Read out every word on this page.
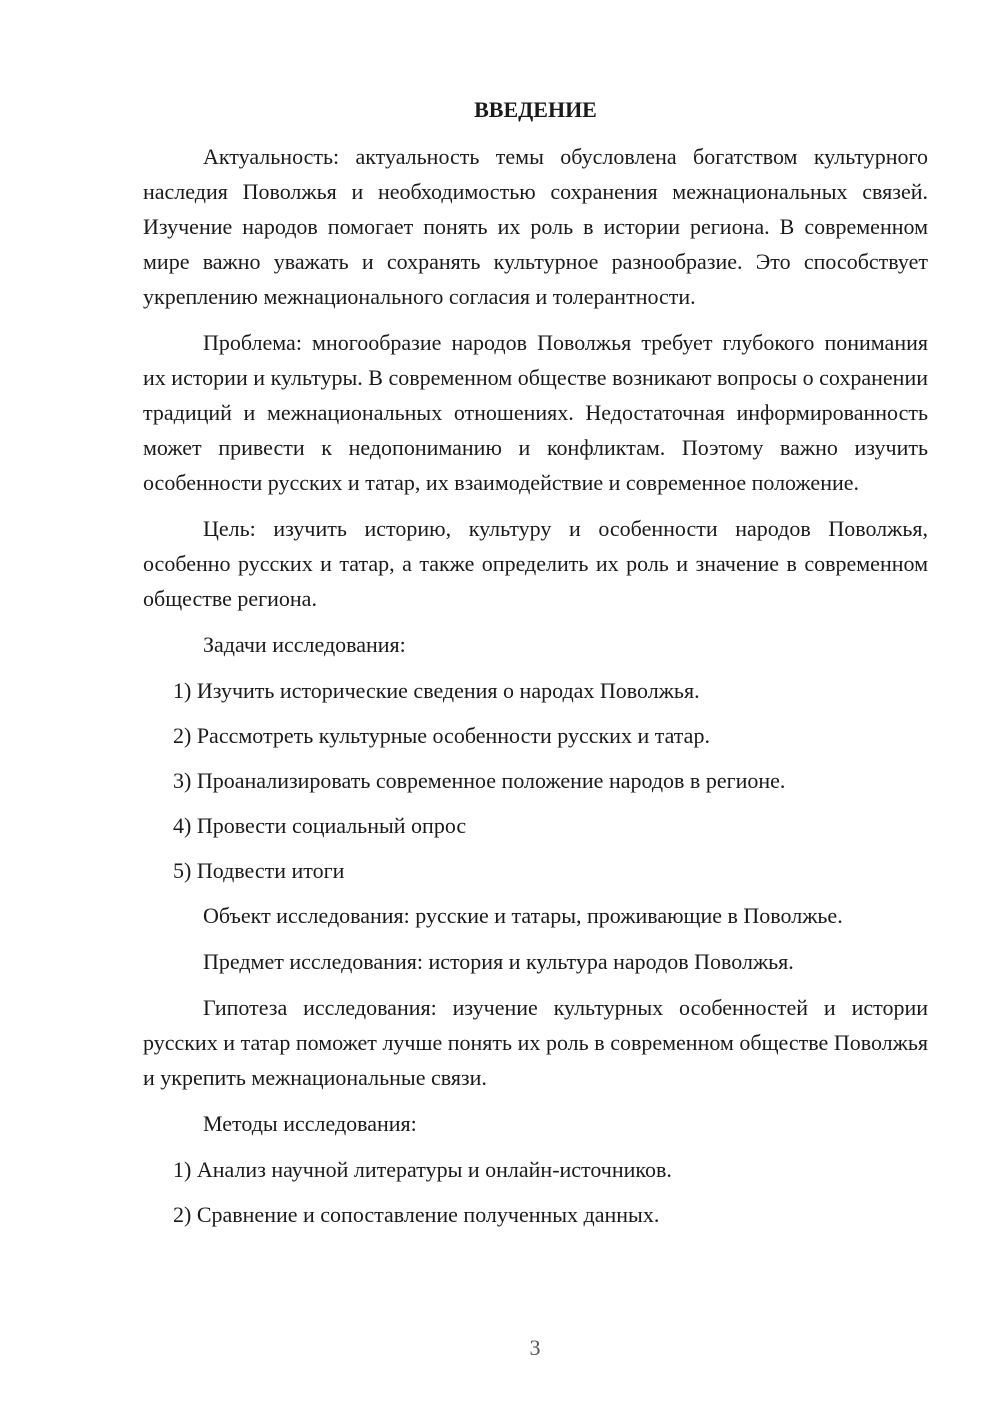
ВВЕДЕНИЕ

Актуальность: актуальность темы обусловлена богатством культурного наследия Поволжья и необходимостью сохранения межнациональных связей. Изучение народов помогает понять их роль в истории региона. В современном мире важно уважать и сохранять культурное разнообразие. Это способствует укреплению межнационального согласия и толерантности.

Проблема: многообразие народов Поволжья требует глубокого понимания их истории и культуры. В современном обществе возникают вопросы о сохранении традиций и межнациональных отношениях. Недостаточная информированность может привести к недопониманию и конфликтам. Поэтому важно изучить особенности русских и татар, их взаимодействие и современное положение.

Цель: изучить историю, культуру и особенности народов Поволжья, особенно русских и татар, а также определить их роль и значение в современном обществе региона.

Задачи исследования:

1) Изучить исторические сведения о народах Поволжья.
2) Рассмотреть культурные особенности русских и татар.
3) Проанализировать современное положение народов в регионе.
4) Провести социальный опрос
5) Подвести итоги

Объект исследования: русские и татары, проживающие в Поволжье.

Предмет исследования: история и культура народов Поволжья.

Гипотеза исследования: изучение культурных особенностей и истории русских и татар поможет лучше понять их роль в современном обществе Поволжья и укрепить межнациональные связи.

Методы исследования:

1) Анализ научной литературы и онлайн-источников.
2) Сравнение и сопоставление полученных данных.
3
